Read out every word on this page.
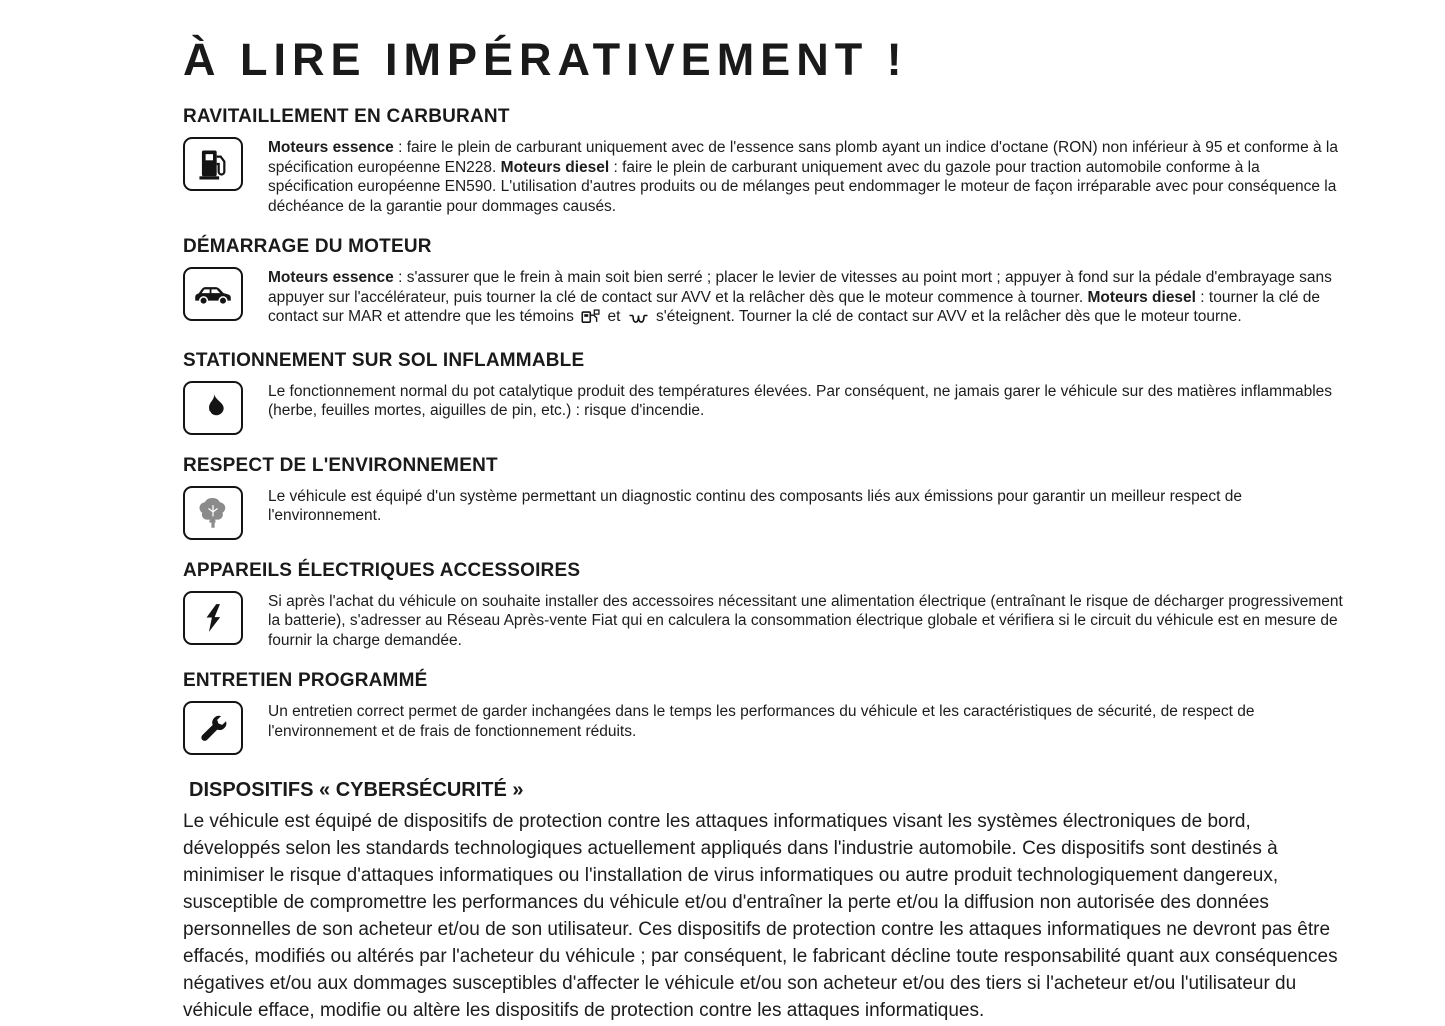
À LIRE IMPÉRATIVEMENT !
RAVITAILLEMENT EN CARBURANT

Moteurs essence : faire le plein de carburant uniquement avec de l'essence sans plomb ayant un indice d'octane (RON) non inférieur à 95 et conforme à la spécification européenne EN228. Moteurs diesel : faire le plein de carburant uniquement avec du gazole pour traction automobile conforme à la spécification européenne EN590. L'utilisation d'autres produits ou de mélanges peut endommager le moteur de façon irréparable avec pour conséquence la déchéance de la garantie pour dommages causés.

DÉMARRAGE DU MOTEUR

Moteurs essence : s'assurer que le frein à main soit bien serré ; placer le levier de vitesses au point mort ; appuyer à fond sur la pédale d'embrayage sans appuyer sur l'accélérateur, puis tourner la clé de contact sur AVV et la relâcher dès que le moteur commence à tourner. Moteurs diesel : tourner la clé de contact sur MAR et attendre que les témoins  et  s'éteignent. Tourner la clé de contact sur AVV et la relâcher dès que le moteur tourne.

STATIONNEMENT SUR SOL INFLAMMABLE

Le fonctionnement normal du pot catalytique produit des températures élevées. Par conséquent, ne jamais garer le véhicule sur des matières inflammables (herbe, feuilles mortes, aiguilles de pin, etc.) : risque d'incendie.

RESPECT DE L'ENVIRONNEMENT

Le véhicule est équipé d'un système permettant un diagnostic continu des composants liés aux émissions pour garantir un meilleur respect de l'environnement.

APPAREILS ÉLECTRIQUES ACCESSOIRES

Si après l'achat du véhicule on souhaite installer des accessoires nécessitant une alimentation électrique (entraînant le risque de décharger progressivement la batterie), s'adresser au Réseau Après-vente Fiat qui en calculera la consommation électrique globale et vérifiera si le circuit du véhicule est en mesure de fournir la charge demandée.

ENTRETIEN PROGRAMMÉ

Un entretien correct permet de garder inchangées dans le temps les performances du véhicule et les caractéristiques de sécurité, de respect de l'environnement et de frais de fonctionnement réduits.

DISPOSITIFS « CYBERSÉCURITÉ »

Le véhicule est équipé de dispositifs de protection contre les attaques informatiques visant les systèmes électroniques de bord, développés selon les standards technologiques actuellement appliqués dans l'industrie automobile. Ces dispositifs sont destinés à minimiser le risque d'attaques informatiques ou l'installation de virus informatiques ou autre produit technologiquement dangereux, susceptible de compromettre les performances du véhicule et/ou d'entraîner la perte et/ou la diffusion non autorisée des données personnelles de son acheteur et/ou de son utilisateur. Ces dispositifs de protection contre les attaques informatiques ne devront pas être effacés, modifiés ou altérés par l'acheteur du véhicule ; par conséquent, le fabricant décline toute responsabilité quant aux conséquences négatives et/ou aux dommages susceptibles d'affecter le véhicule et/ou son acheteur et/ou des tiers si l'acheteur et/ou l'utilisateur du véhicule efface, modifie ou altère les dispositifs de protection contre les attaques informatiques.
